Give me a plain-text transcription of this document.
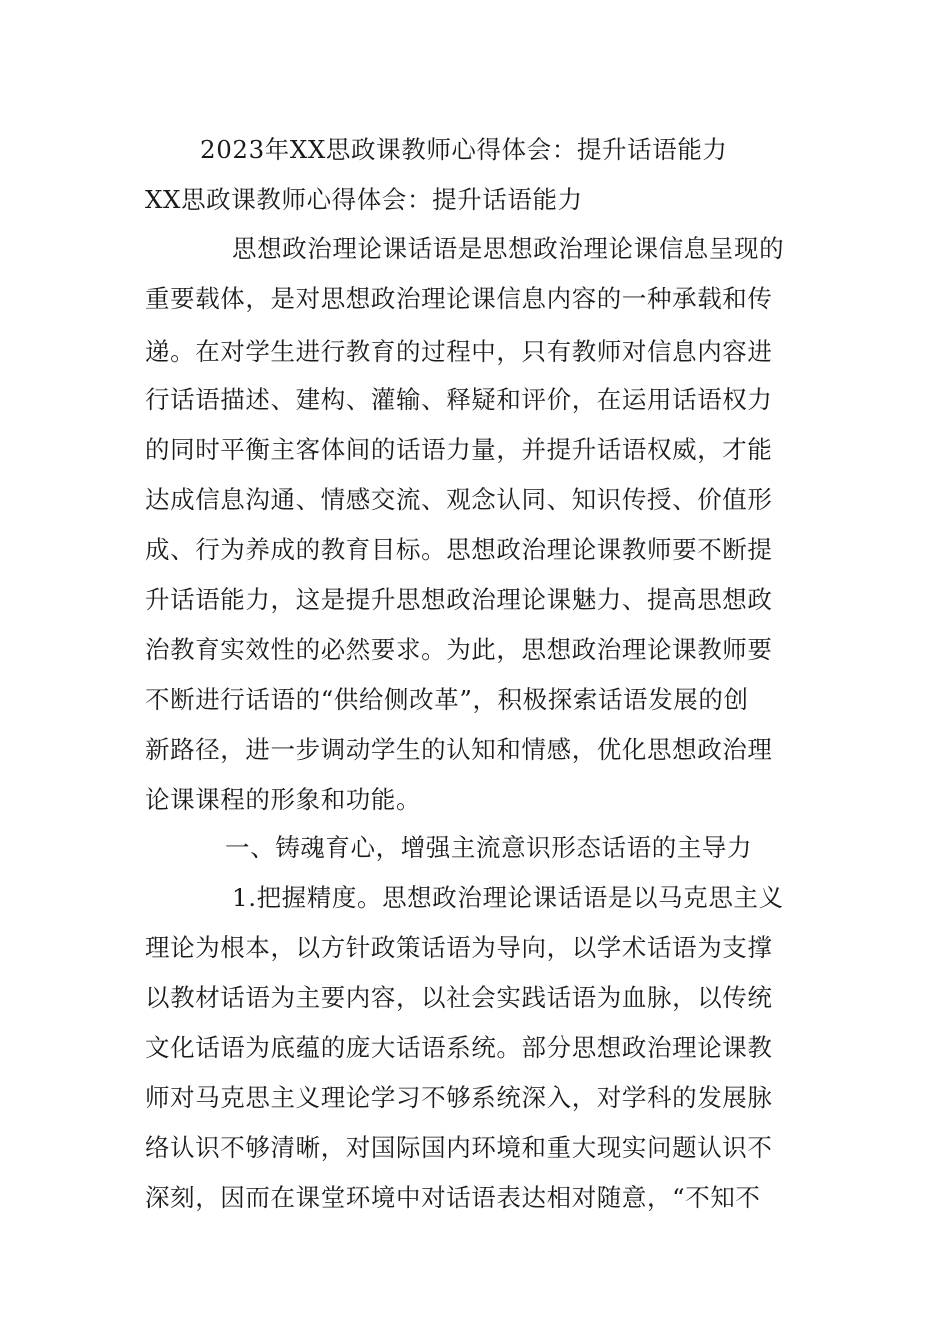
2023年XX思政课教师心得体会：提升话语能力
XX思政课教师心得体会：提升话语能力
思想政治理论课话语是思想政治理论课信息呈现的
重要载体，是对思想政治理论课信息内容的一种承载和传
递。在对学生进行教育的过程中，只有教师对信息内容进
行话语描述、建构、灌输、释疑和评价，在运用话语权力
的同时平衡主客体间的话语力量，并提升话语权威，才能
达成信息沟通、情感交流、观念认同、知识传授、价值形
成、行为养成的教育目标。思想政治理论课教师要不断提
升话语能力，这是提升思想政治理论课魅力、提高思想政
治教育实效性的必然要求。为此，思想政治理论课教师要
不断进行话语的“供给侧改革”，积极探索话语发展的创
新路径，进一步调动学生的认知和情感，优化思想政治理
论课课程的形象和功能。
一、铸魂育心，增强主流意识形态话语的主导力
1.把握精度。思想政治理论课话语是以马克思主义
理论为根本，以方针政策话语为导向，以学术话语为支撑
以教材话语为主要内容，以社会实践话语为血脉，以传统
文化话语为底蕴的庞大话语系统。部分思想政治理论课教
师对马克思主义理论学习不够系统深入，对学科的发展脉
络认识不够清晰，对国际国内环境和重大现实问题认识不
深刻，因而在课堂环境中对话语表达相对随意，“不知不
